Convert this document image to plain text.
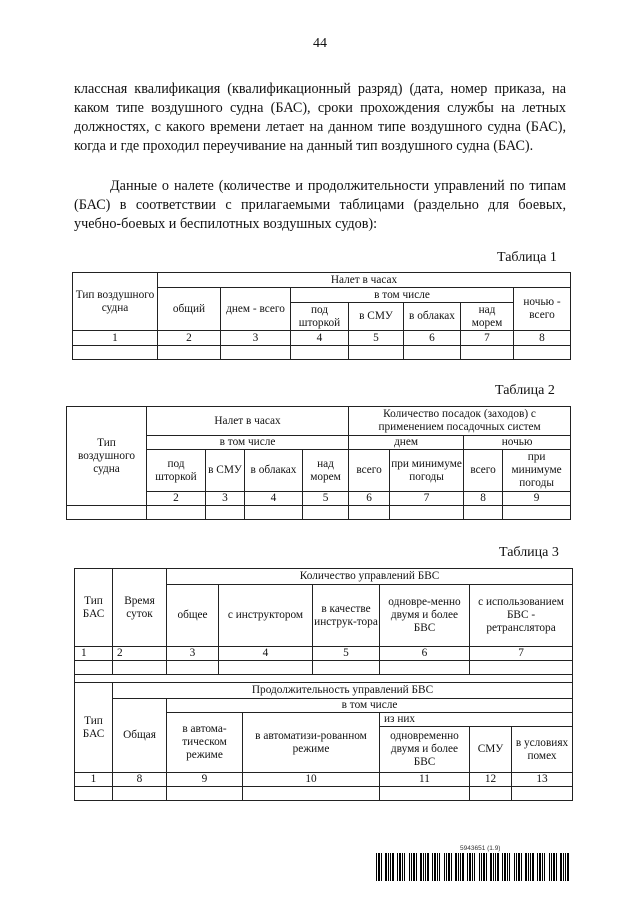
44

классная квалификация (квалификационный разряд) (дата, номер приказа, на каком типе воздушного судна (БАС), сроки прохождения службы на летных должностях, с какого времени летает на данном типе воздушного судна (БАС), когда и где проходил переучивание на данный тип воздушного судна (БАС).

Данные о налете (количестве и продолжительности управлений по типам (БАС) в соответствии с прилагаемыми таблицами (раздельно для боевых, учебно-боевых и беспилотных воздушных судов):

Таблица 1
Тип воздушного судна	Налет в часах						
	общий	днем - всего	в том числе				ночью - всего
			под шторкой	в СМУ	в облаках	над морем	
1	2	3	4	5	6	7	8

Таблица 2
Тип воздушного судна	Налет в часах				Количество посадок (заходов) с применением посадочных систем			
	в том числе				днем		ночью	
	под шторкой	в СМУ	в облаках	над морем	всего	при минимуме погоды	всего	при минимуме погоды
	2	3	4	5	6	7	8	9

Таблица 3
Тип БАС	Время суток	Количество управлений БВС						
		общее	с инструктором		в качестве инструк-тора	одновре-менно двумя и более БВС	с использованием БВС - ретранслятора	
1	2	3	4		5	6	7	

Тип БАС	Продолжительность управлений БВС							
	Общая	в том числе						
		в автома-тическом режиме		в автоматизи-рованном режиме		из них		
						одновременно двумя и более БВС	СМУ	в условиях помех
1	8	9		10		11	12	13

5943651 (1.9)
